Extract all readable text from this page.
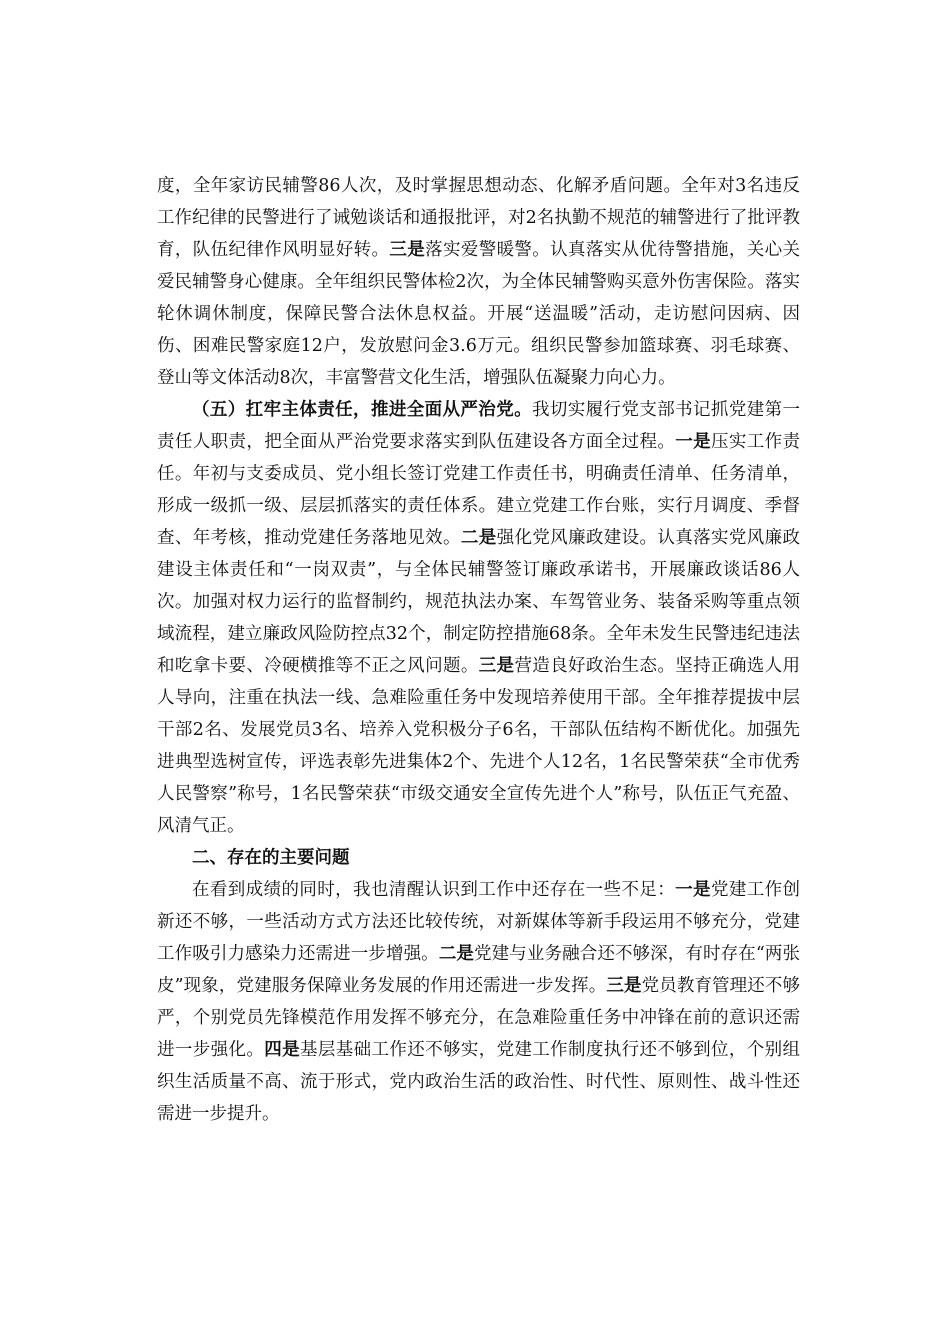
度，全年家访民辅警86人次，及时掌握思想动态、化解矛盾问题。全年对3名违反工作纪律的民警进行了诫勉谈话和通报批评，对2名执勤不规范的辅警进行了批评教育，队伍纪律作风明显好转。三是落实爱警暖警。认真落实从优待警措施，关心关爱民辅警身心健康。全年组织民警体检2次，为全体民辅警购买意外伤害保险。落实轮休调休制度，保障民警合法休息权益。开展“送温暖”活动，走访慰问因病、因伤、困难民警家庭12户，发放慰问金3.6万元。组织民警参加篮球赛、羽毛球赛、登山等文体活动8次，丰富警营文化生活，增强队伍凝聚力向心力。

（五）扛牢主体责任，推进全面从严治党。我切实履行党支部书记抓党建第一责任人职责，把全面从严治党要求落实到队伍建设各方面全过程。一是压实工作责任。年初与支委成员、党小组长签订党建工作责任书，明确责任清单、任务清单，形成一级抓一级、层层抓落实的责任体系。建立党建工作台账，实行月调度、季督查、年考核，推动党建任务落地见效。二是强化党风廉政建设。认真落实党风廉政建设主体责任和“一岗双责”，与全体民辅警签订廉政承诺书，开展廉政谈话86人次。加强对权力运行的监督制约，规范执法办案、车驾管业务、装备采购等重点领域流程，建立廉政风险防控点32个，制定防控措施68条。全年未发生民警违纪违法和吃拿卡要、冷硬横推等不正之风问题。三是营造良好政治生态。坚持正确选人用人导向，注重在执法一线、急难险重任务中发现培养使用干部。全年推荐提拔中层干部2名、发展党员3名、培养入党积极分子6名，干部队伍结构不断优化。加强先进典型选树宣传，评选表彰先进集体2个、先进个人12名，1名民警荣获“全市优秀人民警察”称号，1名民警荣获“市级交通安全宣传先进个人”称号，队伍正气充盈、风清气正。

二、存在的主要问题

在看到成绩的同时，我也清醒认识到工作中还存在一些不足：一是党建工作创新还不够，一些活动方式方法还比较传统，对新媒体等新手段运用不够充分，党建工作吸引力感染力还需进一步增强。二是党建与业务融合还不够深，有时存在“两张皮”现象，党建服务保障业务发展的作用还需进一步发挥。三是党员教育管理还不够严，个别党员先锋模范作用发挥不够充分，在急难险重任务中冲锋在前的意识还需进一步强化。四是基层基础工作还不够实，党建工作制度执行还不够到位，个别组织生活质量不高、流于形式，党内政治生活的政治性、时代性、原则性、战斗性还需进一步提升。
